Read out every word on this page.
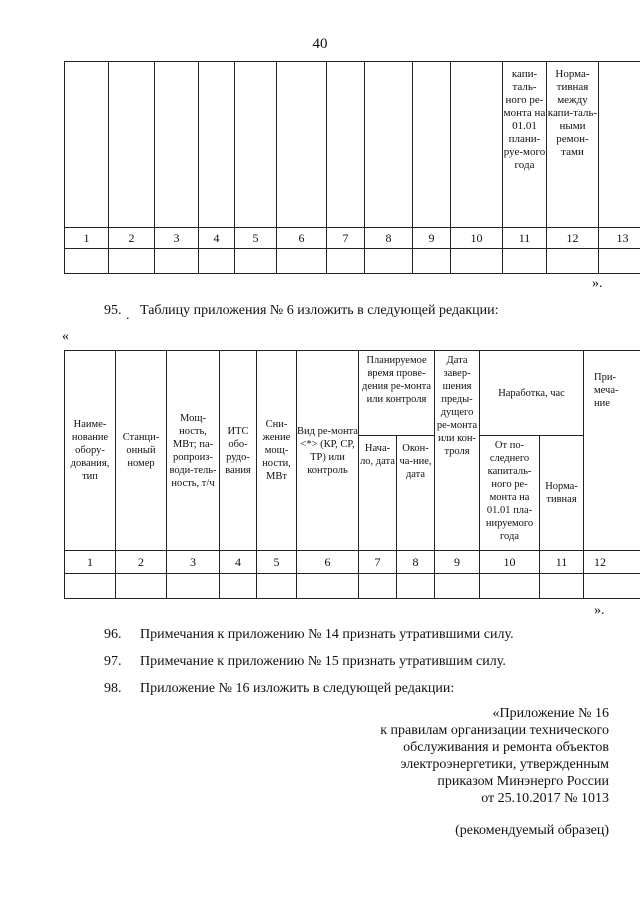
40
										капи-таль-ного ре-монта на 01.01 плани-руе-мого года	Норма-тивная между капи-таль-ными ремон-тами	
1	2	3	4	5	6	7	8	9	10	11	12	13

».
95. . Таблицу приложения № 6 изложить в следующей редакции:
«
Наиме-нование обору-дования, тип	Станци-онный номер	Мощ-ность, МВт; па-ропроиз-води-тель-ность, т/ч	ИТС обо-рудо-вания	Сни-жение мощ-ности, МВт	Вид ре-монта <*> (КР, СР, ТР) или контроль	Планируемое время прове-дения ре-монта или контроля		Дата завер-шения преды-дущего ре-монта или кон-троля	Наработка, час		При-меча-ние

						Нача-ло, дата	Окон-ча-ние, дата		От по-следнего капиталь-ного ре-монта на 01.01 пла-нируемого года	Норма-тивная	
1	2	3	4	5	6	7	8	9	10	11	12

».
96. Примечания к приложению № 14 признать утратившими силу.
97. Примечание к приложению № 15 признать утратившим силу.
98. Приложение № 16 изложить в следующей редакции:
«Приложение № 16
к правилам организации технического
обслуживания и ремонта объектов
электроэнергетики, утвержденным
приказом Минэнерго России
от 25.10.2017 № 1013
(рекомендуемый образец)
